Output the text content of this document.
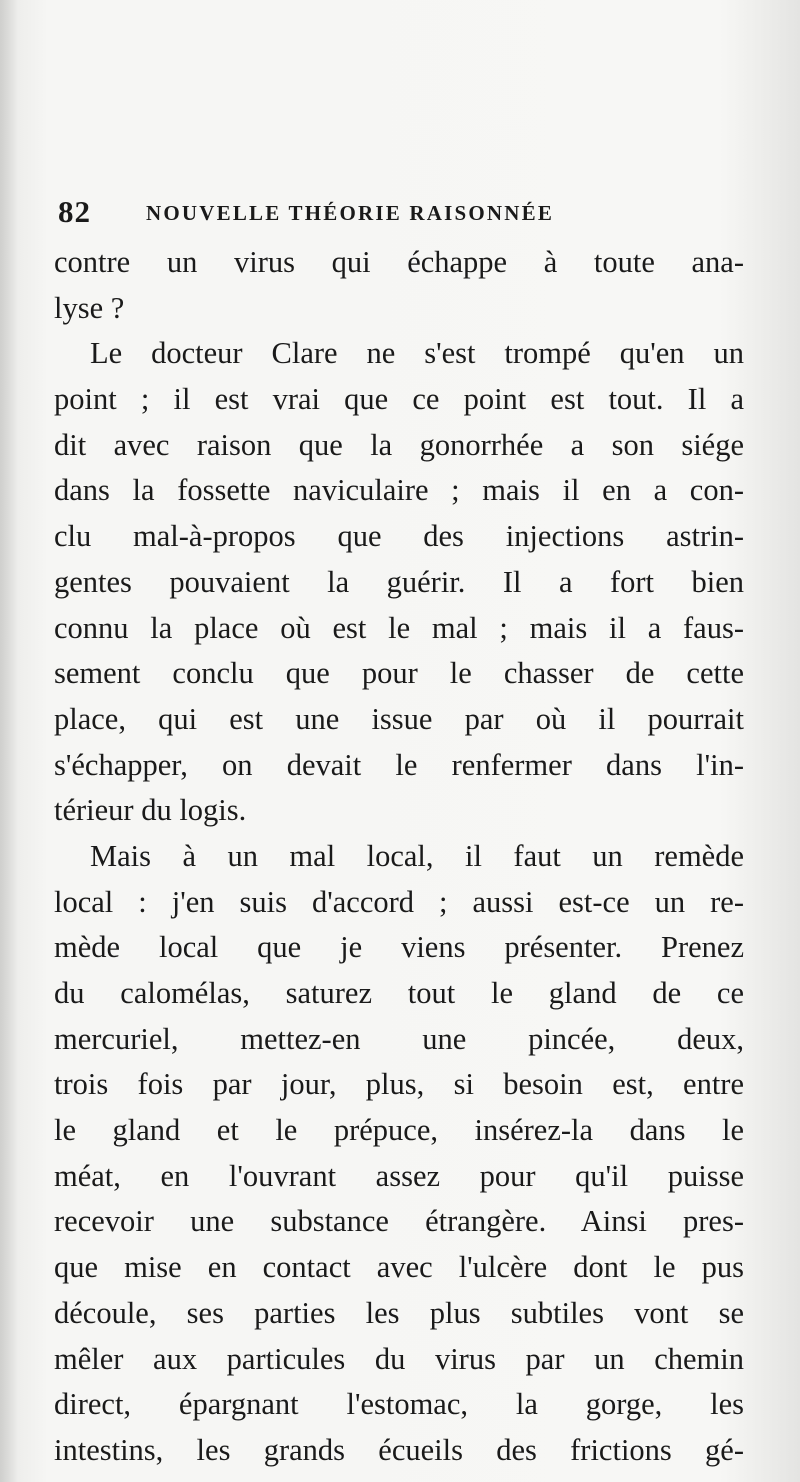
82	NOUVELLE THÉORIE RAISONNÉE
contre un virus qui échappe à toute ana-
lyse ?
Le docteur Clare ne s'est trompé qu'en un
point ; il est vrai que ce point est tout. Il a
dit avec raison que la gonorrhée a son siége
dans la fossette naviculaire ; mais il en a con-
clu mal-à-propos que des injections astrin-
gentes pouvaient la guérir. Il a fort bien
connu la place où est le mal ; mais il a faus-
sement conclu que pour le chasser de cette
place, qui est une issue par où il pourrait
s'échapper, on devait le renfermer dans l'in-
térieur du logis.
Mais à un mal local, il faut un remède
local : j'en suis d'accord ; aussi est-ce un re-
mède local que je viens présenter. Prenez
du calomélas, saturez tout le gland de ce
mercuriel, mettez-en une pincée, deux,
trois fois par jour, plus, si besoin est, entre
le gland et le prépuce, insérez-la dans le
méat, en l'ouvrant assez pour qu'il puisse
recevoir une substance étrangère. Ainsi pres-
que mise en contact avec l'ulcère dont le pus
découle, ses parties les plus subtiles vont se
mêler aux particules du virus par un chemin
direct, épargnant l'estomac, la gorge, les
intestins, les grands écueils des frictions gé-
